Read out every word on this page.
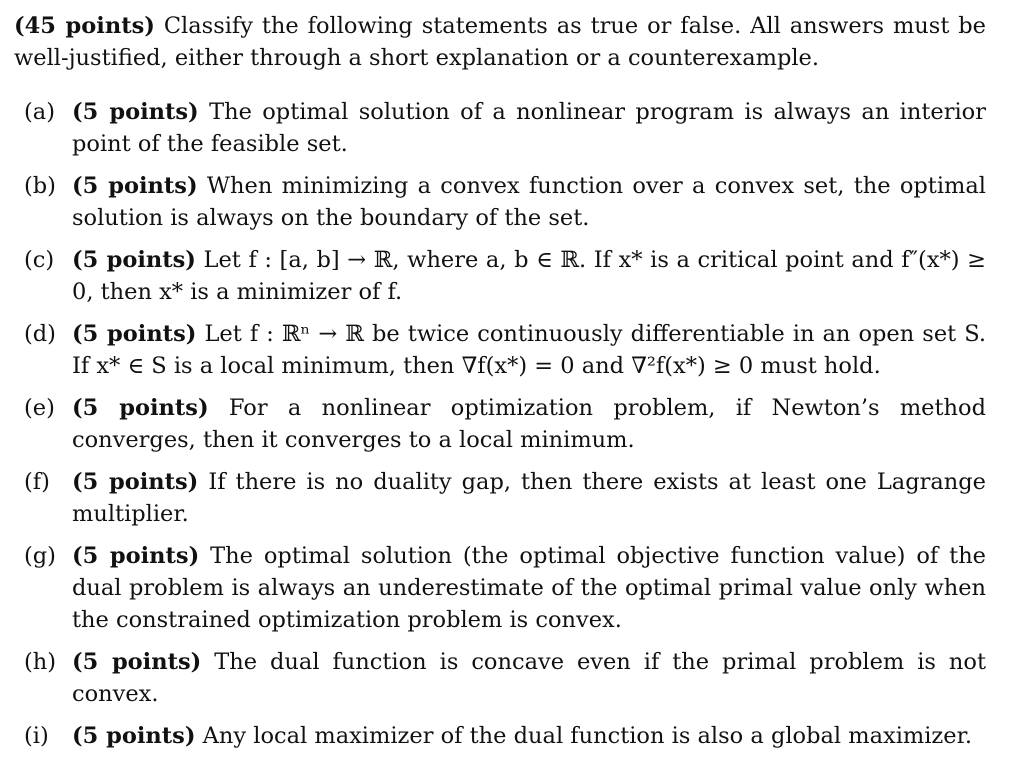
(45 points) Classify the following statements as true or false. All answers must be well-justified, either through a short explanation or a counterexample.

(a) (5 points) The optimal solution of a nonlinear program is always an interior point of the feasible set.
(b) (5 points) When minimizing a convex function over a convex set, the optimal solution is always on the boundary of the set.
(c) (5 points) Let f : [a, b] → ℝ, where a, b ∈ ℝ. If x* is a critical point and f″(x*) ≥ 0, then x* is a minimizer of f.
(d) (5 points) Let f : ℝⁿ → ℝ be twice continuously differentiable in an open set S. If x* ∈ S is a local minimum, then ∇f(x*) = 0 and ∇²f(x*) ≥ 0 must hold.
(e) (5 points) For a nonlinear optimization problem, if Newton’s method converges, then it converges to a local minimum.
(f) (5 points) If there is no duality gap, then there exists at least one Lagrange multiplier.
(g) (5 points) The optimal solution (the optimal objective function value) of the dual problem is always an underestimate of the optimal primal value only when the constrained optimization problem is convex.
(h) (5 points) The dual function is concave even if the primal problem is not convex.
(i)	(5 points) Any local maximizer of the dual function is also a global maximizer.
